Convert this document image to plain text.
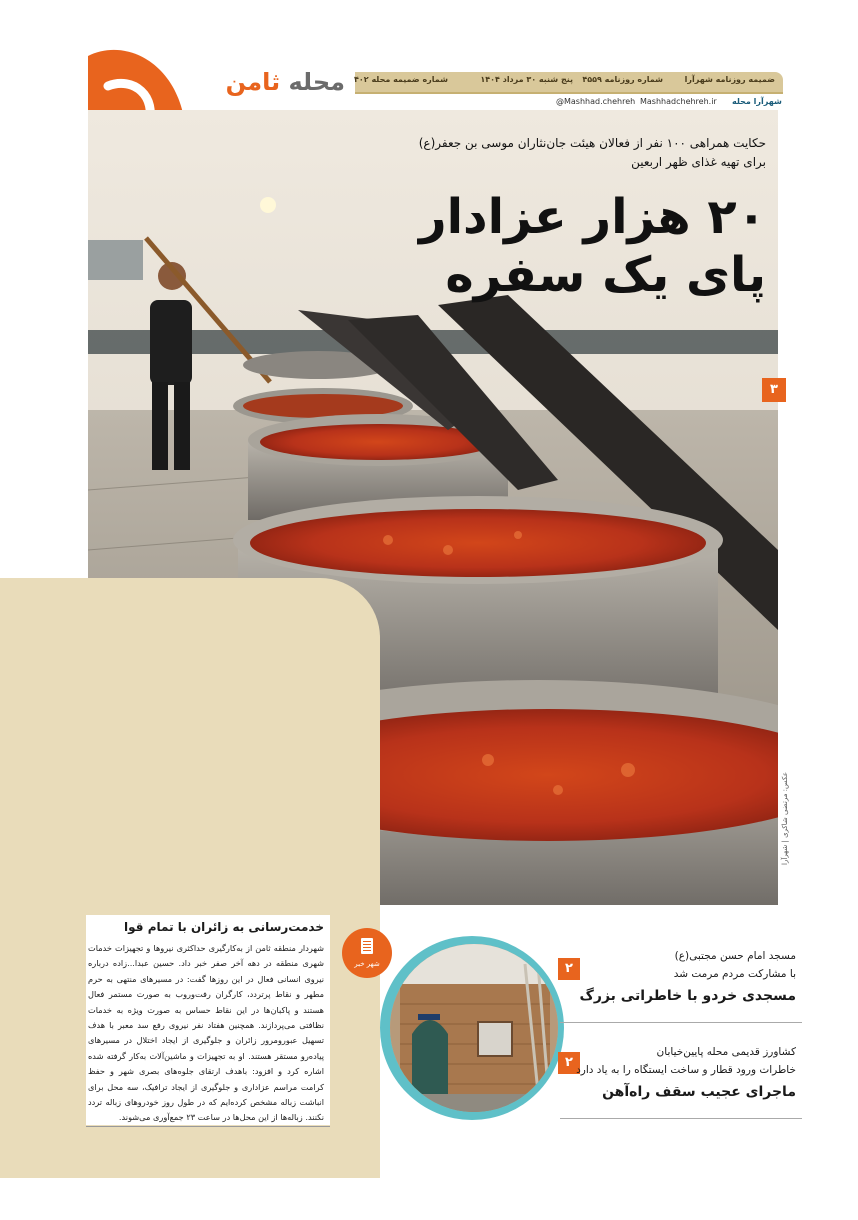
محله ثامن	ضمیمه روزنامه شهرآرا
شماره روزنامه ۴۵۵۹
پنج شنبه ۳۰ مرداد ۱۴۰۴
شماره ضمیمه محله ۴۰۲
شهرآرا محله
Mashhadchehreh.ir
@Mashhad.chehreh
حکایت همراهی ۱۰۰ نفر از فعالان هیئت جان‌نثاران موسی بن جعفر(ع)
برای تهیه غذای ظهر اربعین
۲۰ هزار عزادار
پای یک سفره
۳
عکس: مرتضی شاکری | شهرآرا
خدمت‌رسانی به زائران با تمام قوا
شهردار منطقه ثامن از به‌کارگیری حداکثری نیروها و تجهیزات خدمات شهری منطقه در دهه آخر صفر خبر داد. حسین عبدا...زاده درباره نیروی انسانی فعال در این روزها گفت: در مسیرهای منتهی به حرم مطهر و نقاط پرتردد، کارگران رفت‌وروب به صورت مستمر فعال هستند و پاکبان‌ها در این نقاط حساس به صورت ویژه به خدمات نظافتی می‌پردازند. همچنین هفتاد نفر نیروی رفع سد معبر با هدف تسهیل عبورومرور زائران و جلوگیری از ایجاد اختلال در مسیرهای پیاده‌رو مستقر هستند. او به تجهیزات و ماشین‌آلات به‌کار گرفته شده اشاره کرد و افزود: باهدف ارتقای جلوه‌های بصری شهر و حفظ کرامت مراسم عزاداری و جلوگیری از ایجاد ترافیک، سه محل برای انباشت زباله مشخص کرده‌ایم که در طول روز خودروهای زباله تردد نکنند. زباله‌ها از این محل‌ها در ساعت ۲۳ جمع‌آوری می‌شوند.
شهر خبر	۲
مسجد امام حسن مجتبی(ع)
با مشارکت مردم مرمت شد
مسجدی خردو با خاطراتی بزرگ
۲
کشاورز قدیمی محله پایین‌خیابان
خاطرات ورود قطار و ساخت ایستگاه را به یاد دارد
ماجرای عجیب سقف راه‌آهن
